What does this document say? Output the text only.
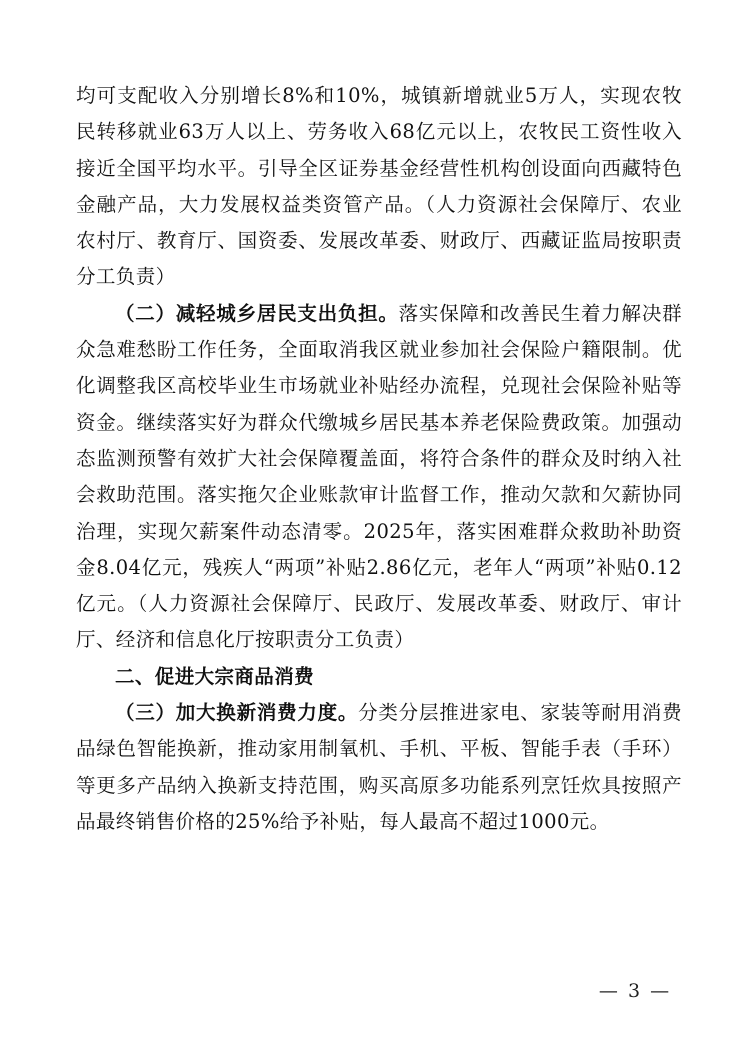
均可支配收入分别增长8%和10%，城镇新增就业5万人，实现农牧民转移就业63万人以上、劳务收入68亿元以上，农牧民工资性收入接近全国平均水平。引导全区证券基金经营性机构创设面向西藏特色金融产品，大力发展权益类资管产品。（人力资源社会保障厅、农业农村厅、教育厅、国资委、发展改革委、财政厅、西藏证监局按职责分工负责）

（二）减轻城乡居民支出负担。落实保障和改善民生着力解决群众急难愁盼工作任务，全面取消我区就业参加社会保险户籍限制。优化调整我区高校毕业生市场就业补贴经办流程，兑现社会保险补贴等资金。继续落实好为群众代缴城乡居民基本养老保险费政策。加强动态监测预警有效扩大社会保障覆盖面，将符合条件的群众及时纳入社会救助范围。落实拖欠企业账款审计监督工作，推动欠款和欠薪协同治理，实现欠薪案件动态清零。2025年，落实困难群众救助补助资金8.04亿元，残疾人“两项”补贴2.86亿元，老年人“两项”补贴0.12亿元。（人力资源社会保障厅、民政厅、发展改革委、财政厅、审计厅、经济和信息化厅按职责分工负责）

二、促进大宗商品消费

（三）加大换新消费力度。分类分层推进家电、家装等耐用消费品绿色智能换新，推动家用制氧机、手机、平板、智能手表（手环）等更多产品纳入换新支持范围，购买高原多功能系列烹饪炊具按照产品最终销售价格的25%给予补贴，每人最高不超过1000元。

— 3 —
